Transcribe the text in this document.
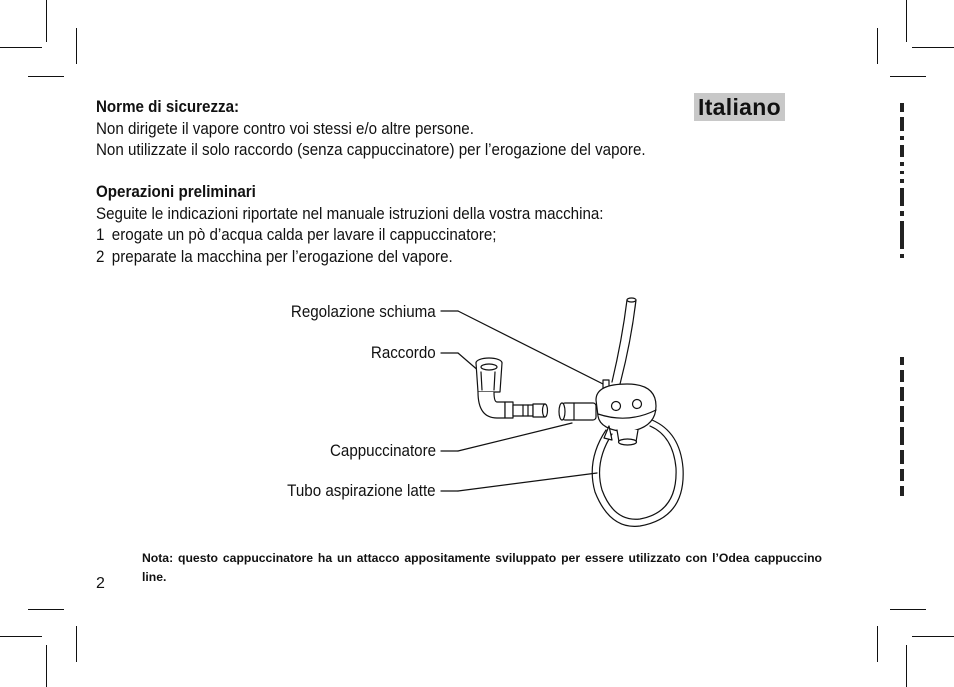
Italiano
Norme di sicurezza:
Non dirigete il vapore contro voi stessi e/o altre persone.
Non utilizzate il solo raccordo (senza cappuccinatore) per l’erogazione del vapore.
Operazioni preliminari
Seguite le indicazioni riportate nel manuale istruzioni della vostra macchina:
1 erogate un pò d’acqua calda per lavare il cappuccinatore;
2 preparate la macchina per l’erogazione del vapore.
Regolazione schiuma
Raccordo
Cappuccinatore
Tubo aspirazione latte
Nota: questo cappuccinatore ha un attacco appositamente sviluppato per essere utilizzato con l’Odea cappuccino line.
2
